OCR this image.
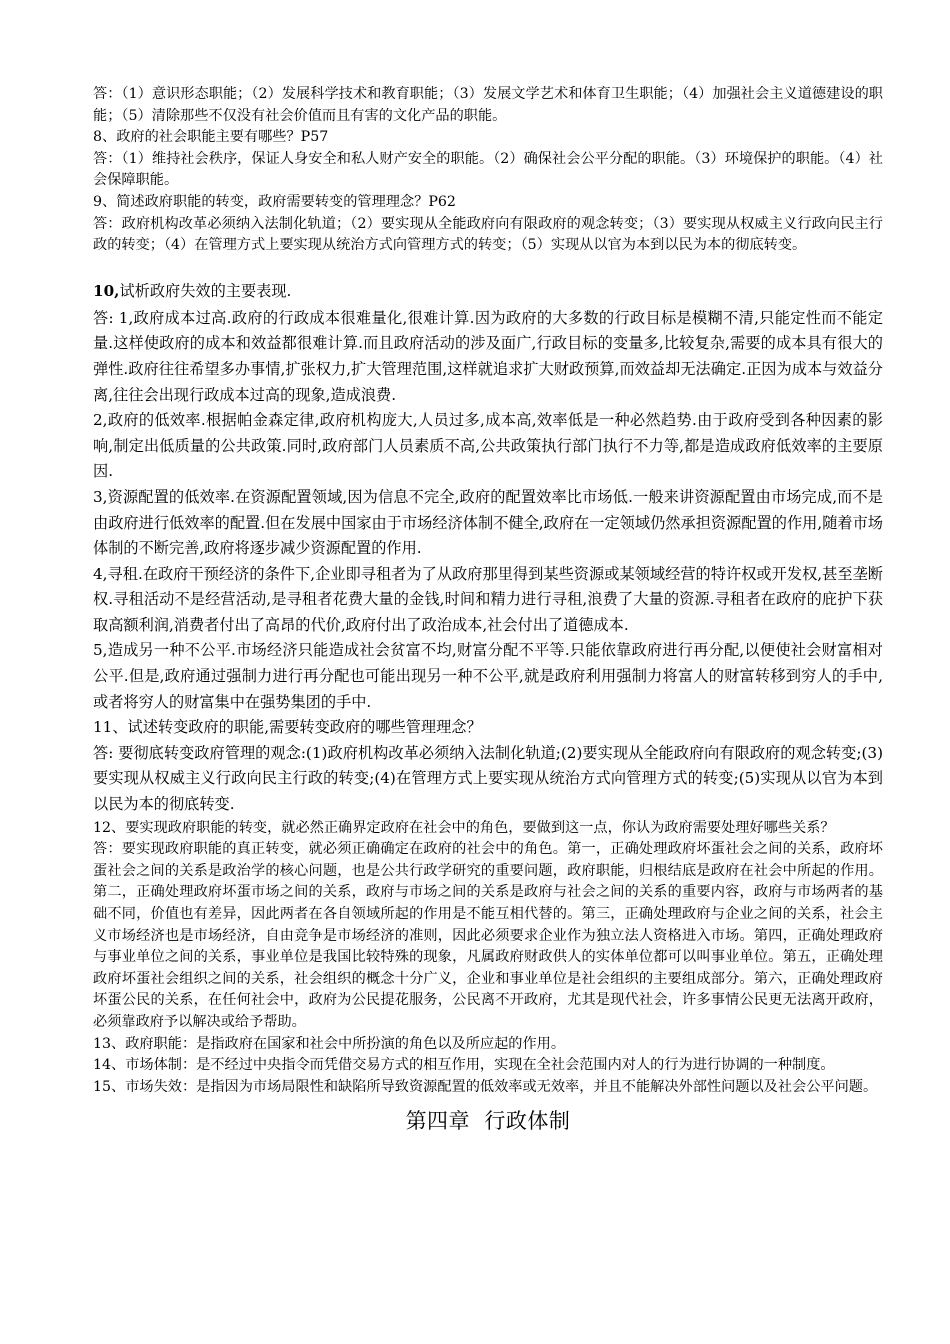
答：（1）意识形态职能；（2）发展科学技术和教育职能；（3）发展文学艺术和体育卫生职能；（4）加强社会主义道德建设的职能；（5）清除那些不仅没有社会价值而且有害的文化产品的职能。

8、政府的社会职能主要有哪些？P57

答：（1）维持社会秩序，保证人身安全和私人财产安全的职能。（2）确保社会公平分配的职能。（3）环境保护的职能。（4）社会保障职能。

9、简述政府职能的转变，政府需要转变的管理理念？P62

答：政府机构改革必须纳入法制化轨道；（2）要实现从全能政府向有限政府的观念转变；（3）要实现从权威主义行政向民主行政的转变；（4）在管理方式上要实现从统治方式向管理方式的转变；（5）实现从以官为本到以民为本的彻底转变。

10,试析政府失效的主要表现.

答: 1,政府成本过高.政府的行政成本很难量化,很难计算.因为政府的大多数的行政目标是模糊不清,只能定性而不能定量.这样使政府的成本和效益都很难计算.而且政府活动的涉及面广,行政目标的变量多,比较复杂,需要的成本具有很大的弹性.政府往往希望多办事情,扩张权力,扩大管理范围,这样就追求扩大财政预算,而效益却无法确定.正因为成本与效益分离,往往会出现行政成本过高的现象,造成浪费.

2,政府的低效率.根据帕金森定律,政府机构庞大,人员过多,成本高,效率低是一种必然趋势.由于政府受到各种因素的影响,制定出低质量的公共政策.同时,政府部门人员素质不高,公共政策执行部门执行不力等,都是造成政府低效率的主要原因.

3,资源配置的低效率.在资源配置领域,因为信息不完全,政府的配置效率比市场低.一般来讲资源配置由市场完成,而不是由政府进行低效率的配置.但在发展中国家由于市场经济体制不健全,政府在一定领域仍然承担资源配置的作用,随着市场体制的不断完善,政府将逐步减少资源配置的作用.

4,寻租.在政府干预经济的条件下,企业即寻租者为了从政府那里得到某些资源或某领域经营的特许权或开发权,甚至垄断权.寻租活动不是经营活动,是寻租者花费大量的金钱,时间和精力进行寻租,浪费了大量的资源.寻租者在政府的庇护下获取高额利润,消费者付出了高昂的代价,政府付出了政治成本,社会付出了道德成本.

5,造成另一种不公平.市场经济只能造成社会贫富不均,财富分配不平等.只能依靠政府进行再分配,以便使社会财富相对公平.但是,政府通过强制力进行再分配也可能出现另一种不公平,就是政府利用强制力将富人的财富转移到穷人的手中,或者将穷人的财富集中在强势集团的手中.

11、试述转变政府的职能,需要转变政府的哪些管理理念？

答: 要彻底转变政府管理的观念:(1)政府机构改革必须纳入法制化轨道;(2)要实现从全能政府向有限政府的观念转变;(3)要实现从权威主义行政向民主行政的转变;(4)在管理方式上要实现从统治方式向管理方式的转变;(5)实现从以官为本到以民为本的彻底转变.

12、要实现政府职能的转变，就必然正确界定政府在社会中的角色，要做到这一点，你认为政府需要处理好哪些关系？

答：要实现政府职能的真正转变，就必须正确确定在政府的社会中的角色。第一，正确处理政府坏蛋社会之间的关系，政府坏蛋社会之间的关系是政治学的核心问题，也是公共行政学研究的重要问题，政府职能，归根结底是政府在社会中所起的作用。第二，正确处理政府坏蛋市场之间的关系，政府与市场之间的关系是政府与社会之间的关系的重要内容，政府与市场两者的基础不同，价值也有差异，因此两者在各自领域所起的作用是不能互相代替的。第三，正确处理政府与企业之间的关系，社会主义市场经济也是市场经济，自由竞争是市场经济的准则，因此必须要求企业作为独立法人资格进入市场。第四，正确处理政府与事业单位之间的关系，事业单位是我国比较特殊的现象，凡属政府财政供人的实体单位都可以叫事业单位。第五，正确处理政府坏蛋社会组织之间的关系，社会组织的概念十分广义，企业和事业单位是社会组织的主要组成部分。第六，正确处理政府坏蛋公民的关系，在任何社会中，政府为公民提花服务，公民离不开政府，尤其是现代社会，许多事情公民更无法离开政府，必须靠政府予以解决或给予帮助。

13、政府职能：是指政府在国家和社会中所扮演的角色以及所应起的作用。

14、市场体制：是不经过中央指令而凭借交易方式的相互作用，实现在全社会范围内对人的行为进行协调的一种制度。

15、市场失效：是指因为市场局限性和缺陷所导致资源配置的低效率或无效率，并且不能解决外部性问题以及社会公平问题。

第四章 行政体制
